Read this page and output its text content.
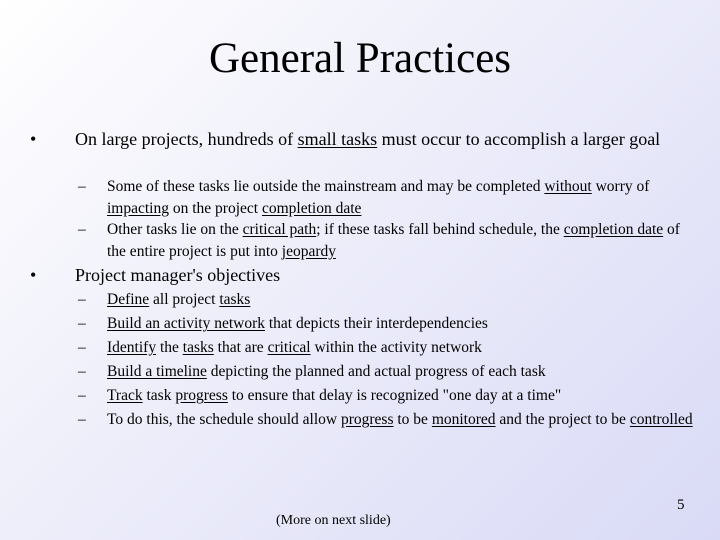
General Practices
• On large projects, hundreds of small tasks must occur to accomplish a larger goal
– Some of these tasks lie outside the mainstream and may be completed without worry of impacting on the project completion date
– Other tasks lie on the critical path; if these tasks fall behind schedule, the completion date of the entire project is put into jeopardy
• Project manager's objectives
– Define all project tasks
– Build an activity network that depicts their interdependencies
– Identify the tasks that are critical within the activity network
– Build a timeline depicting the planned and actual progress of each task
– Track task progress to ensure that delay is recognized "one day at a time"
– To do this, the schedule should allow progress to be monitored and the project to be controlled
(More on next slide)
5
